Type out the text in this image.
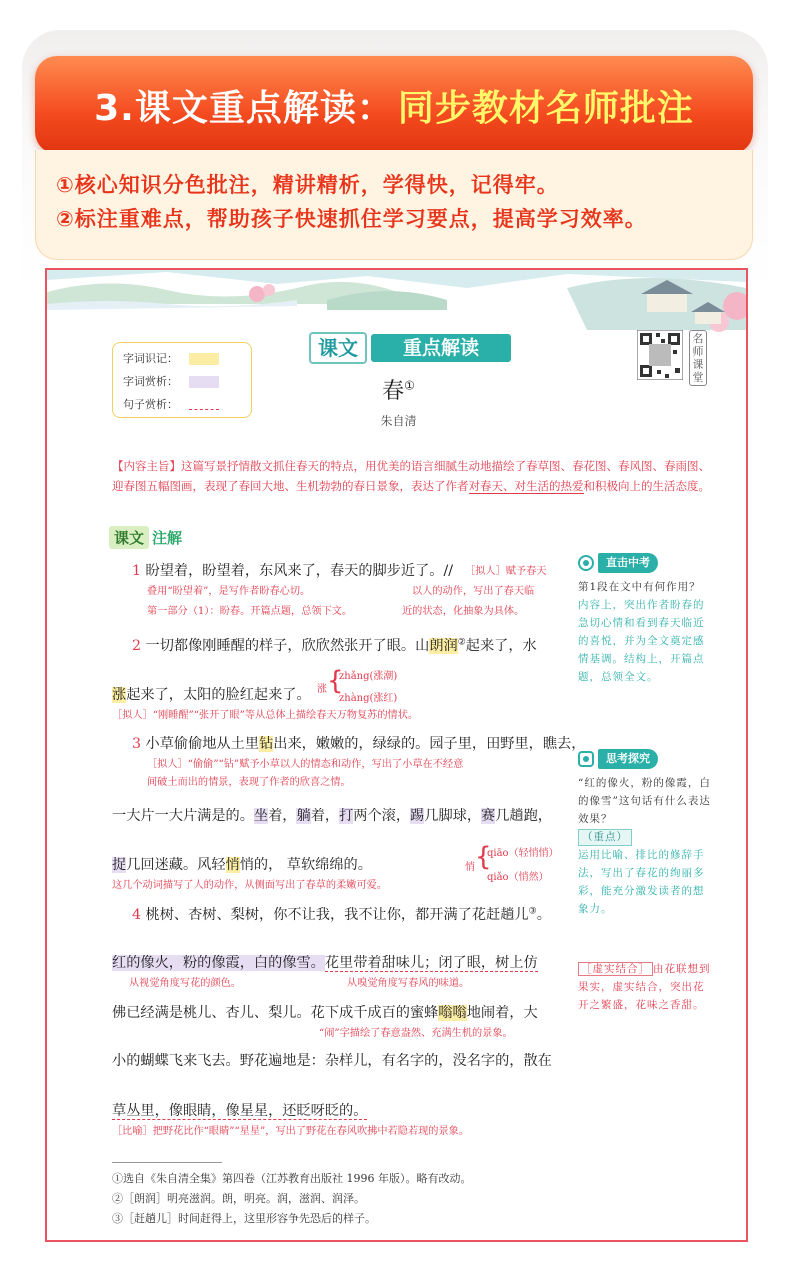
3.课文重点解读： 同步教材名师批注

①核心知识分色批注，精讲精析，学得快，记得牢。

②标注重难点，帮助孩子快速抓住学习要点，提高学习效率。

字词识记：
字词赏析：
句子赏析：
课文	重点解读	名师课堂
春①
朱自清
【内容主旨】这篇写景抒情散文抓住春天的特点，用优美的语言细腻生动地描绘了春草图、春花图、春风图、春雨图、迎春图五幅图画，表现了春回大地、生机勃勃的春日景象，表达了作者对春天、对生活的热爱和积极向上的生活态度。
课文 注解
1 盼望着，盼望着，东风来了，春天的脚步近了。// ［拟人］赋予春天
叠用“盼望着”，是写作者盼春心切。	以人的动作，写出了春天临
第一部分（1）：盼春。开篇点题，总领下文。	近的状态，化抽象为具体。
2 一切都像刚睡醒的样子，欣欣然张开了眼。山朗润②起来了，水
涨起来了，太阳的脸红起来了。 涨 {
zhǎng(涨潮)
zhàng(涨红)
［拟人］“刚睡醒”“张开了眼”等从总体上描绘春天万物复苏的情状。
3 小草偷偷地从土里钻出来，嫩嫩的，绿绿的。园子里，田野里，瞧去，
［拟人］“偷偷”“钻”赋予小草以人的情态和动作，写出了小草在不经意
间破土而出的情景，表现了作者的欣喜之情。
一大片一大片满是的。坐着，躺着，打两个滚，踢几脚球，赛几趟跑，
捉几回迷藏。风轻悄悄的， 草软绵绵的。	悄 {
qiāo（轻悄悄）
qiǎo（悄然）
这几个动词描写了人的动作，从侧面写出了春草的柔嫩可爱。
4 桃树、杏树、梨树，你不让我，我不让你，都开满了花赶趟儿③。
红的像火，粉的像霞，白的像雪。花里带着甜味儿；闭了眼，树上仿
从视觉角度写花的颜色。	从嗅觉角度写春风的味道。
佛已经满是桃儿、杏儿、梨儿。花下成千成百的蜜蜂嗡嗡地闹着，大
“闹”字描绘了春意盎然、充满生机的景象。
小的蝴蝶飞来飞去。野花遍地是：杂样儿，有名字的，没名字的，散在
草丛里，像眼睛，像星星，还眨呀眨的。
［比喻］把野花比作“眼睛”“星星”，写出了野花在春风吹拂中若隐若现的景象。
直击中考
第1段在文中有何作用？
内容上，突出作者盼春的急切心情和看到春天临近的喜悦，并为全文奠定感情基调。结构上，开篇点题，总领全文。
思考探究
“红的像火，粉的像霞，白的像雪”这句话有什么表达效果？
（重点）
运用比喻、排比的修辞手法，写出了春花的绚丽多彩，能充分激发读者的想象力。
［虚实结合］ 由花联想到果实，虚实结合，突出花开之繁盛，花味之香甜。
①选自《朱自清全集》第四卷（江苏教育出版社 1996 年版）。略有改动。
②［朗润］明亮滋润。朗，明亮。润，滋润、润泽。
③［赶趟儿］时间赶得上，这里形容争先恐后的样子。
